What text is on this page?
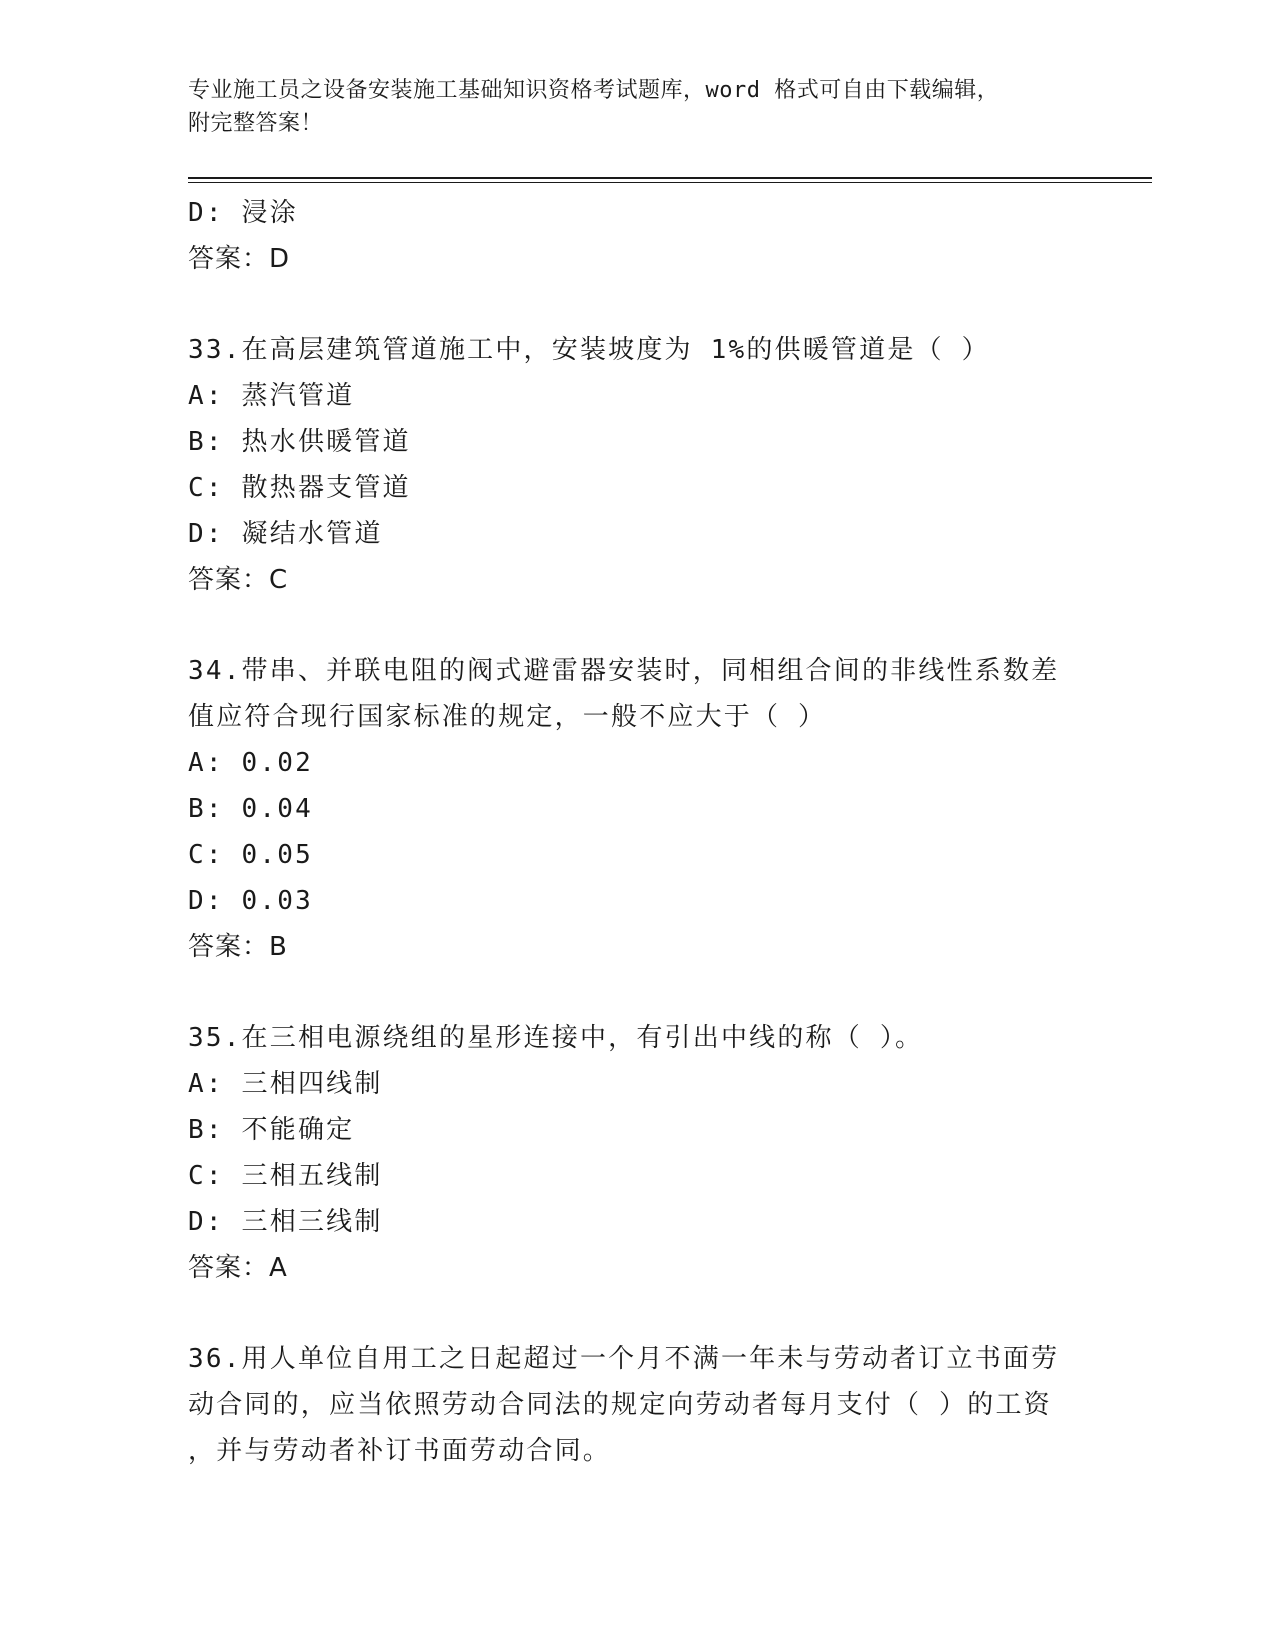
专业施工员之设备安装施工基础知识资格考试题库，word 格式可自由下载编辑，
附完整答案！
D: 浸涂
答案：D
33.在高层建筑管道施工中，安装坡度为 1%的供暖管道是（ ）
A: 蒸汽管道
B: 热水供暖管道
C: 散热器支管道
D: 凝结水管道
答案：C
34.带串、并联电阻的阀式避雷器安装时，同相组合间的非线性系数差
值应符合现行国家标准的规定，一般不应大于（ ）
A: 0.02
B: 0.04
C: 0.05
D: 0.03
答案：B
35.在三相电源绕组的星形连接中，有引出中线的称（ ）。
A: 三相四线制
B: 不能确定
C: 三相五线制
D: 三相三线制
答案：A
36.用人单位自用工之日起超过一个月不满一年未与劳动者订立书面劳
动合同的，应当依照劳动合同法的规定向劳动者每月支付（ ）的工资
，并与劳动者补订书面劳动合同。
